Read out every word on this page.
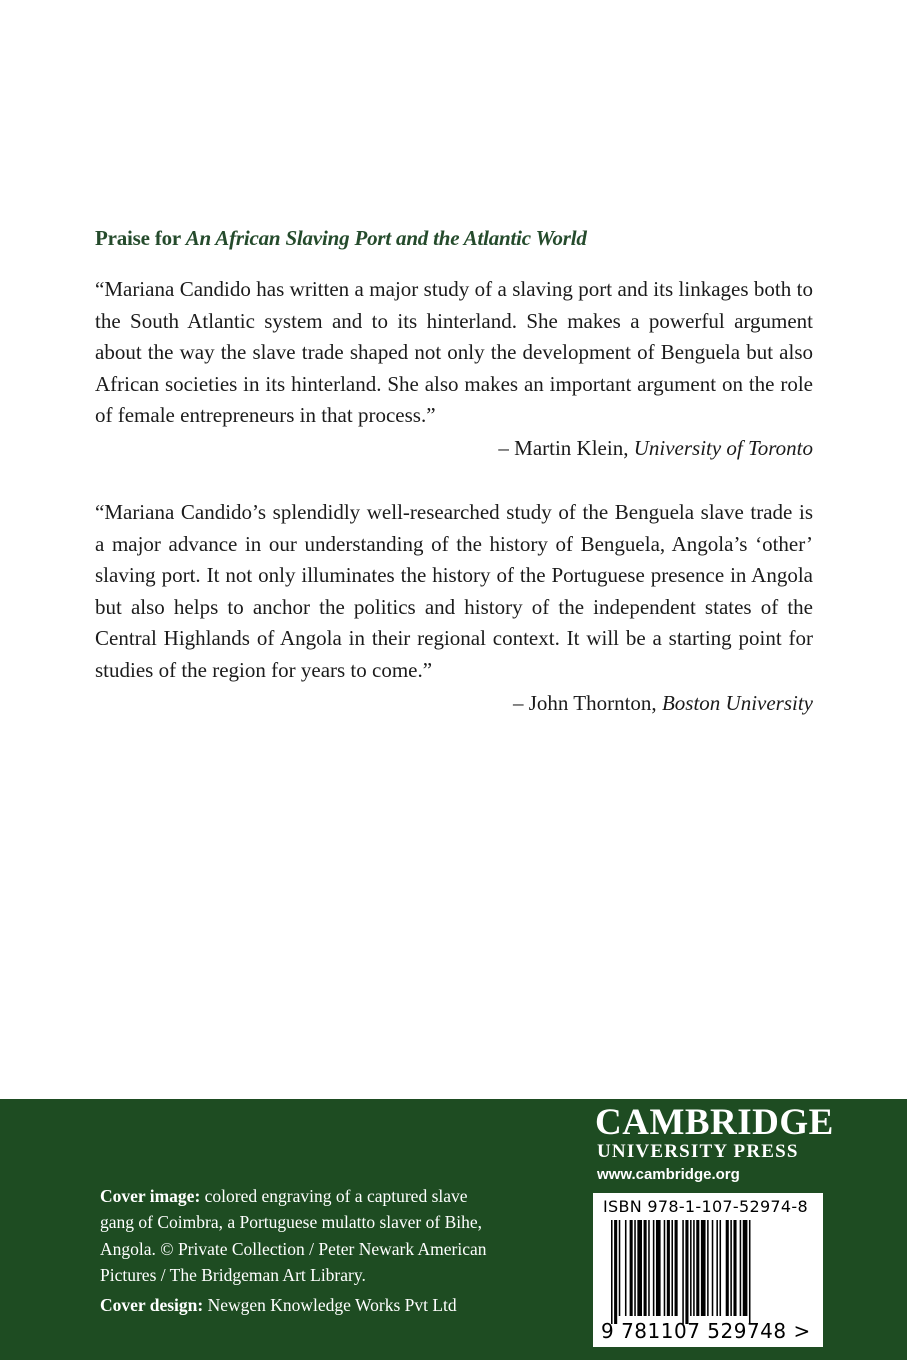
Praise for An African Slaving Port and the Atlantic World
“Mariana Candido has written a major study of a slaving port and its linkages both to the South Atlantic system and to its hinterland. She makes a powerful argument about the way the slave trade shaped not only the development of Benguela but also African societies in its hinterland. She also makes an important argument on the role of female entrepreneurs in that process.”
– Martin Klein, University of Toronto
“Mariana Candido’s splendidly well-researched study of the Benguela slave trade is a major advance in our understanding of the history of Benguela, Angola’s ‘other’ slaving port. It not only illuminates the history of the Portuguese presence in Angola but also helps to anchor the politics and history of the independent states of the Central Highlands of Angola in their regional context. It will be a starting point for studies of the region for years to come.”
– John Thornton, Boston University
Cover image: colored engraving of a captured slave gang of Coimbra, a Portuguese mulatto slaver of Bihe, Angola. © Private Collection / Peter Newark American Pictures / The Bridgeman Art Library.
Cover design: Newgen Knowledge Works Pvt Ltd
CAMBRIDGE
UNIVERSITY PRESS
www.cambridge.org
ISBN 978-1-107-52974-8
9 781107 529748 >
